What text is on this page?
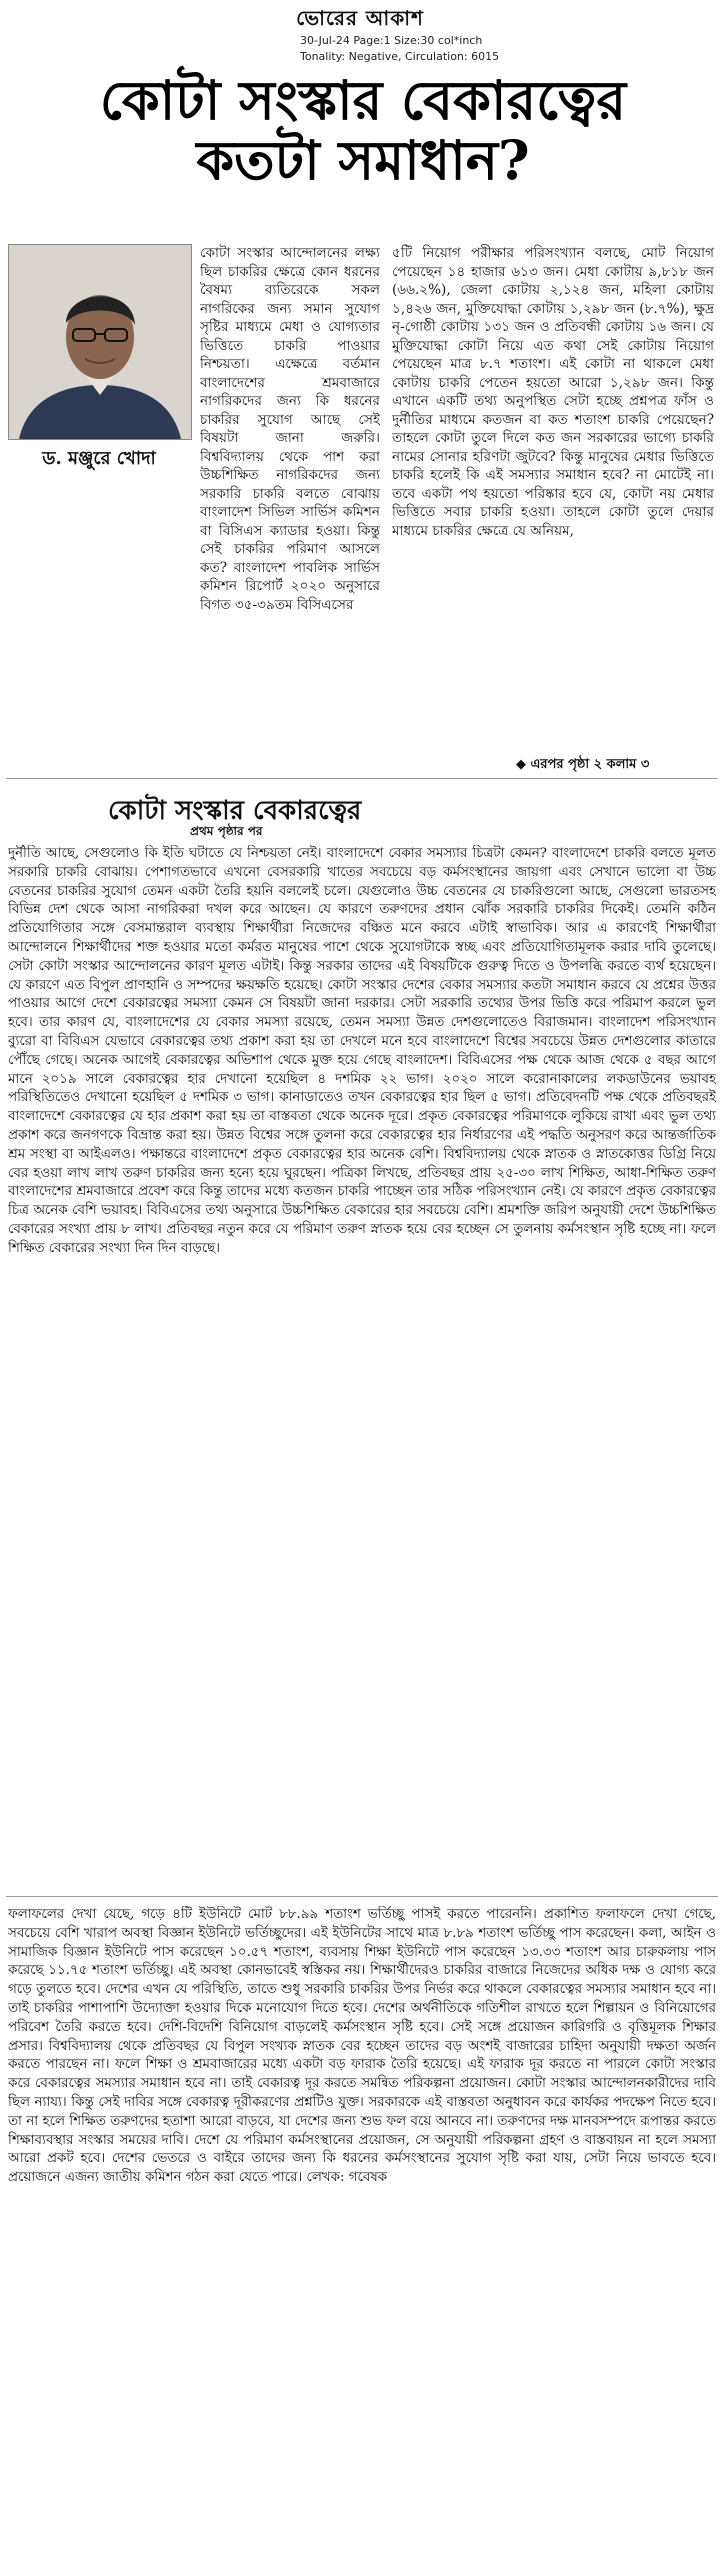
ভোরের আকাশ
30-Jul-24 Page:1 Size:30 col*inch
Tonality: Negative, Circulation: 6015
কোটা সংস্কার বেকারত্বের
কতটা সমাধান?
ড. মঞ্জুরে খোদা

কোটা সংস্কার আন্দোলনের লক্ষ্য ছিল চাকরির ক্ষেত্রে কোন ধরনের বৈষম্য ব্যতিরেকে সকল নাগরিকের জন্য সমান সুযোগ সৃষ্টির মাধ্যমে মেধা ও যোগ্যতার ভিত্তিতে চাকরি পাওয়ার নিশ্চয়তা। এক্ষেত্রে বর্তমান বাংলাদেশের শ্রমবাজারে নাগরিকদের জন্য কি ধরনের চাকরির সুযোগ আছে সেই বিষয়টা জানা জরুরি। বিশ্ববিদ্যালয় থেকে পাশ করা উচ্চশিক্ষিত নাগরিকদের জন্য সরকারি চাকরি বলতে বোঝায় বাংলাদেশ সিভিল সার্ভিস কমিশন বা বিসিএস ক্যাডার হওয়া। কিন্তু সেই চাকরির পরিমাণ আসলে কত? বাংলাদেশ পাবলিক সার্ভিস কমিশন রিপোর্ট ২০২০ অনুসারে বিগত ৩৫-৩৯তম বিসিএসের

৫টি নিয়োগ পরীক্ষার পরিসংখ্যান বলছে, মোট নিয়োগ পেয়েছেন ১৪ হাজার ৬১৩ জন। মেধা কোটায় ৯,৮১৮ জন (৬৬.২%), জেলা কোটায় ২,১২৪ জন, মহিলা কোটায় ১,৪২৬ জন, মুক্তিযোদ্ধা কোটায় ১,২৯৮ জন (৮.৭%), ক্ষুদ্র নৃ-গোষ্ঠী কোটায় ১৩১ জন ও প্রতিবন্ধী কোটায় ১৬ জন। যে মুক্তিযোদ্ধা কোটা নিয়ে এত কথা সেই কোটায় নিয়োগ পেয়েছেন মাত্র ৮.৭ শতাংশ। এই কোটা না থাকলে মেধা কোটায় চাকরি পেতেন হয়তো আরো ১,২৯৮ জন। কিন্তু এখানে একটি তথ্য অনুপস্থিত সেটা হচ্ছে প্রশ্নপত্র ফাঁস ও দুর্নীতির মাধ্যমে কতজন বা কত শতাংশ চাকরি পেয়েছেন? তাহলে কোটা তুলে দিলে কত জন সরকারের ভাগ্যে চাকরি নামের সোনার হরিণটা জুটবে? কিন্তু মানুষের মেধার ভিত্তিতে চাকরি হলেই কি এই সমস্যার সমাধান হবে? না মোটেই না। তবে একটা পথ হয়তো পরিষ্কার হবে যে, কোটা নয় মেধার ভিত্তিতে সবার চাকরি হওয়া। তাহলে কোটা তুলে দেয়ার মাধ্যমে চাকরির ক্ষেত্রে যে অনিয়ম,

◆ এরপর পৃষ্ঠা ২ কলাম ৩
কোটা সংস্কার বেকারত্বের
প্রথম পৃষ্ঠার পর

দুর্নীতি আছে, সেগুলোও কি ইতি ঘটাতে যে নিশ্চয়তা নেই। বাংলাদেশে বেকার সমস্যার চিত্রটা কেমন? বাংলাদেশে চাকরি বলতে মূলত সরকারি চাকরি বোঝায়। পেশাগতভাবে এখনো বেসরকারি খাতের সবচেয়ে বড় কর্মসংস্থানের জায়গা এবং সেখানে ভালো বা উচ্চ বেতনের চাকরির সুযোগ তেমন একটা তৈরি হয়নি বললেই চলে। যেগুলোও উচ্চ বেতনের যে চাকরিগুলো আছে, সেগুলো ভারতসহ বিভিন্ন দেশ থেকে আসা নাগরিকরা দখল করে আছেন। যে কারণে তরুণদের প্রধান ঝোঁক সরকারি চাকরির দিকেই। তেমনি কঠিন প্রতিযোগিতার সঙ্গে বেসমান্তরাল ব্যবস্থায় শিক্ষার্থীরা নিজেদের বঞ্চিত মনে করবে এটাই স্বাভাবিক। আর এ কারণেই শিক্ষার্থীরা আন্দোলনে শিক্ষার্থীদের শক্ত হওয়ার মতো কর্মরত মানুষের পাশে থেকে সুযোগটাকে স্বচ্ছ এবং প্রতিযোগিতামূলক করার দাবি তুলেছে। সেটা কোটা সংস্কার আন্দোলনের কারণ মূলত এটাই। কিন্তু সরকার তাদের এই বিষয়টিকে গুরুত্ব দিতে ও উপলব্ধি করতে ব্যর্থ হয়েছেন। যে কারণে এত বিপুল প্রাণহানি ও সম্পদের ক্ষয়ক্ষতি হয়েছে। কোটা সংস্কার দেশের বেকার সমস্যার কতটা সমাধান করবে যে প্রশ্নের উত্তর পাওয়ার আগে দেশে বেকারত্বের সমস্যা কেমন সে বিষয়টা জানা দরকার। সেটা সরকারি তথ্যের উপর ভিত্তি করে পরিমাপ করলে ভুল হবে। তার কারণ যে, বাংলাদেশের যে বেকার সমস্যা রয়েছে, তেমন সমস্যা উন্নত দেশগুলোতেও বিরাজমান। বাংলাদেশ পরিসংখ্যান ব্যুরো বা বিবিএস যেভাবে বেকারত্বের তথ্য প্রকাশ করা হয় তা দেখলে মনে হবে বাংলাদেশে বিশ্বের সবচেয়ে উন্নত দেশগুলোর কাতারে পৌঁছে গেছে। অনেক আগেই বেকারত্বের অভিশাপ থেকে মুক্ত হয়ে গেছে বাংলাদেশ। বিবিএসের পক্ষ থেকে আজ থেকে ৫ বছর আগে মানে ২০১৯ সালে বেকারত্বের হার দেখানো হয়েছিল ৪ দশমিক ২২ ভাগ। ২০২০ সালে করোনাকালের লকডাউনের ভয়াবহ পরিস্থিতিতেও দেখানো হয়েছিল ৫ দশমিক ৩ ভাগ। কানাডাতেও তখন বেকারত্বের হার ছিল ৫ ভাগ। প্রতিবেদনটি পক্ষ থেকে প্রতিবছরই বাংলাদেশে বেকারত্বের যে হার প্রকাশ করা হয় তা বাস্তবতা থেকে অনেক দূরে। প্রকৃত বেকারত্বের পরিমাণকে লুকিয়ে রাখা এবং ভুল তথ্য প্রকাশ করে জনগণকে বিভ্রান্ত করা হয়। উন্নত বিশ্বের সঙ্গে তুলনা করে বেকারত্বের হার নির্ধারণের এই পদ্ধতি অনুসরণ করে আন্তর্জাতিক শ্রম সংস্থা বা আইএলও। পক্ষান্তরে বাংলাদেশে প্রকৃত বেকারত্বের হার অনেক বেশি। বিশ্ববিদ্যালয় থেকে স্নাতক ও স্নাতকোত্তর ডিগ্রি নিয়ে বের হওয়া লাখ লাখ তরুণ চাকরির জন্য হন্যে হয়ে ঘুরছেন। পত্রিকা লিখছে, প্রতিবছর প্রায় ২৫-৩০ লাখ শিক্ষিত, আধা-শিক্ষিত তরুণ বাংলাদেশের শ্রমবাজারে প্রবেশ করে কিন্তু তাদের মধ্যে কতজন চাকরি পাচ্ছেন তার সঠিক পরিসংখ্যান নেই। যে কারণে প্রকৃত বেকারত্বের চিত্র অনেক বেশি ভয়াবহ। বিবিএসের তথ্য অনুসারে উচ্চশিক্ষিত বেকারের হার সবচেয়ে বেশি। শ্রমশক্তি জরিপ অনুযায়ী দেশে উচ্চশিক্ষিত বেকারের সংখ্যা প্রায় ৮ লাখ। প্রতিবছর নতুন করে যে পরিমাণ তরুণ স্নাতক হয়ে বের হচ্ছেন সে তুলনায় কর্মসংস্থান সৃষ্টি হচ্ছে না। ফলে শিক্ষিত বেকারের সংখ্যা দিন দিন বাড়ছে।

ফলাফলের দেখা যেছে, গড়ে ৪টি ইউনিটে মোট ৮৮.৯৯ শতাংশ ভর্তিচ্ছু পাসই করতে পারেননি। প্রকাশিত ফলাফলে দেখা গেছে, সবচেয়ে বেশি খারাপ অবস্থা বিজ্ঞান ইউনিটে ভর্তিচ্ছুদের। এই ইউনিটের সাথে মাত্র ৮.৮৯ শতাংশ ভর্তিচ্ছু পাস করেছেন। কলা, আইন ও সামাজিক বিজ্ঞান ইউনিটে পাস করেছেন ১০.৫৭ শতাংশ, ব্যবসায় শিক্ষা ইউনিটে পাস করেছেন ১৩.৩৩ শতাংশ আর চারুকলায় পাস করেছে ১১.৭৫ শতাংশ ভর্তিচ্ছু। এই অবস্থা কোনভাবেই স্বস্তিকর নয়। শিক্ষার্থীদেরও চাকরির বাজারে নিজেদের অধিক দক্ষ ও যোগ্য করে গড়ে তুলতে হবে। দেশের এখন যে পরিস্থিতি, তাতে শুধু সরকারি চাকরির উপর নির্ভর করে থাকলে বেকারত্বের সমস্যার সমাধান হবে না। তাই চাকরির পাশাপাশি উদ্যোক্তা হওয়ার দিকে মনোযোগ দিতে হবে। দেশের অর্থনীতিকে গতিশীল রাখতে হলে শিল্পায়ন ও বিনিয়োগের পরিবেশ তৈরি করতে হবে। দেশি-বিদেশি বিনিয়োগ বাড়লেই কর্মসংস্থান সৃষ্টি হবে। সেই সঙ্গে প্রয়োজন কারিগরি ও বৃত্তিমূলক শিক্ষার প্রসার। বিশ্ববিদ্যালয় থেকে প্রতিবছর যে বিপুল সংখ্যক স্নাতক বের হচ্ছেন তাদের বড় অংশই বাজারের চাহিদা অনুযায়ী দক্ষতা অর্জন করতে পারছেন না। ফলে শিক্ষা ও শ্রমবাজারের মধ্যে একটা বড় ফারাক তৈরি হয়েছে। এই ফারাক দূর করতে না পারলে কোটা সংস্কার করে বেকারত্বের সমস্যার সমাধান হবে না। তাই বেকারত্ব দূর করতে সমন্বিত পরিকল্পনা প্রয়োজন। কোটা সংস্কার আন্দোলনকারীদের দাবি ছিল ন্যায্য। কিন্তু সেই দাবির সঙ্গে বেকারত্ব দূরীকরণের প্রশ্নটিও যুক্ত। সরকারকে এই বাস্তবতা অনুধাবন করে কার্যকর পদক্ষেপ নিতে হবে। তা না হলে শিক্ষিত তরুণদের হতাশা আরো বাড়বে, যা দেশের জন্য শুভ ফল বয়ে আনবে না। তরুণদের দক্ষ মানবসম্পদে রূপান্তর করতে শিক্ষাব্যবস্থার সংস্কার সময়ের দাবি। দেশে যে পরিমাণ কর্মসংস্থানের প্রয়োজন, সে অনুযায়ী পরিকল্পনা গ্রহণ ও বাস্তবায়ন না হলে সমস্যা আরো প্রকট হবে। দেশের ভেতরে ও বাইরে তাদের জন্য কি ধরনের কর্মসংস্থানের সুযোগ সৃষ্টি করা যায়, সেটা নিয়ে ভাবতে হবে। প্রয়োজনে এজন্য জাতীয় কমিশন গঠন করা যেতে পারে। লেখক: গবেষক
